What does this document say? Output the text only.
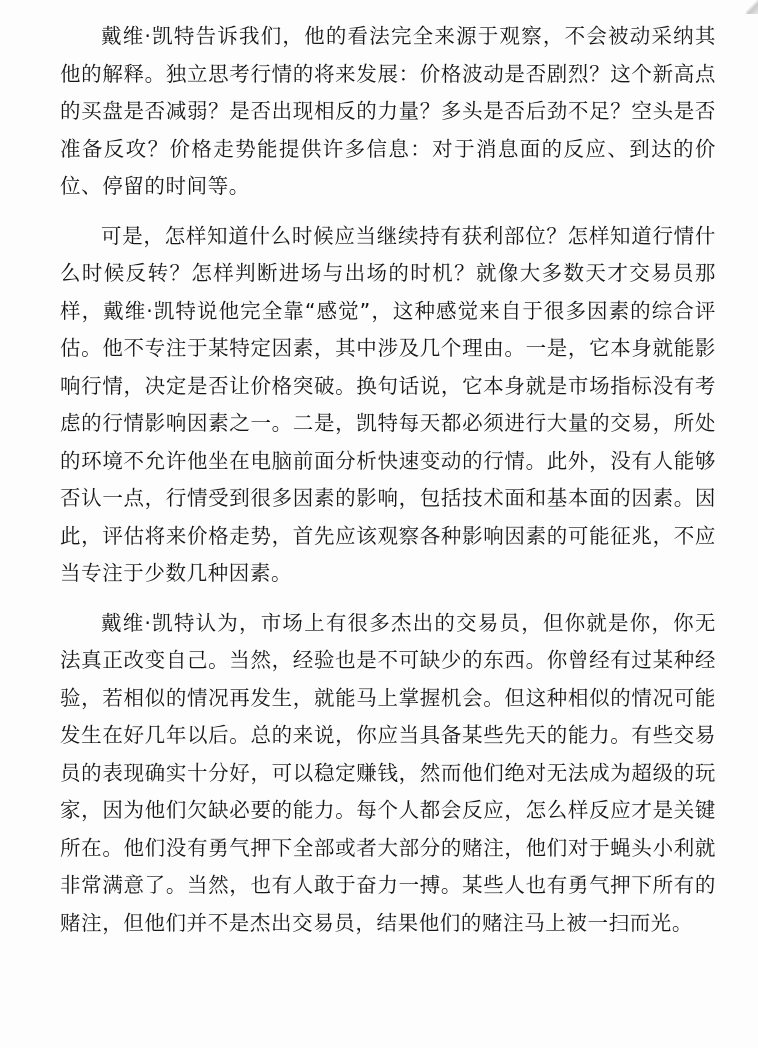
戴维·凯特告诉我们，他的看法完全来源于观察，不会被动采纳其他的解释。独立思考行情的将来发展：价格波动是否剧烈？这个新高点的买盘是否减弱？是否出现相反的力量？多头是否后劲不足？空头是否准备反攻？价格走势能提供许多信息：对于消息面的反应、到达的价位、停留的时间等。

可是，怎样知道什么时候应当继续持有获利部位？怎样知道行情什么时候反转？怎样判断进场与出场的时机？就像大多数天才交易员那样，戴维·凯特说他完全靠“感觉”，这种感觉来自于很多因素的综合评估。他不专注于某特定因素，其中涉及几个理由。一是，它本身就能影响行情，决定是否让价格突破。换句话说，它本身就是市场指标没有考虑的行情影响因素之一。二是，凯特每天都必须进行大量的交易，所处的环境不允许他坐在电脑前面分析快速变动的行情。此外，没有人能够否认一点，行情受到很多因素的影响，包括技术面和基本面的因素。因此，评估将来价格走势，首先应该观察各种影响因素的可能征兆，不应当专注于少数几种因素。

戴维·凯特认为，市场上有很多杰出的交易员，但你就是你，你无法真正改变自己。当然，经验也是不可缺少的东西。你曾经有过某种经验，若相似的情况再发生，就能马上掌握机会。但这种相似的情况可能发生在好几年以后。总的来说，你应当具备某些先天的能力。有些交易员的表现确实十分好，可以稳定赚钱，然而他们绝对无法成为超级的玩家，因为他们欠缺必要的能力。每个人都会反应，怎么样反应才是关键所在。他们没有勇气押下全部或者大部分的赌注，他们对于蝇头小利就非常满意了。当然，也有人敢于奋力一搏。某些人也有勇气押下所有的赌注，但他们并不是杰出交易员，结果他们的赌注马上被一扫而光。
